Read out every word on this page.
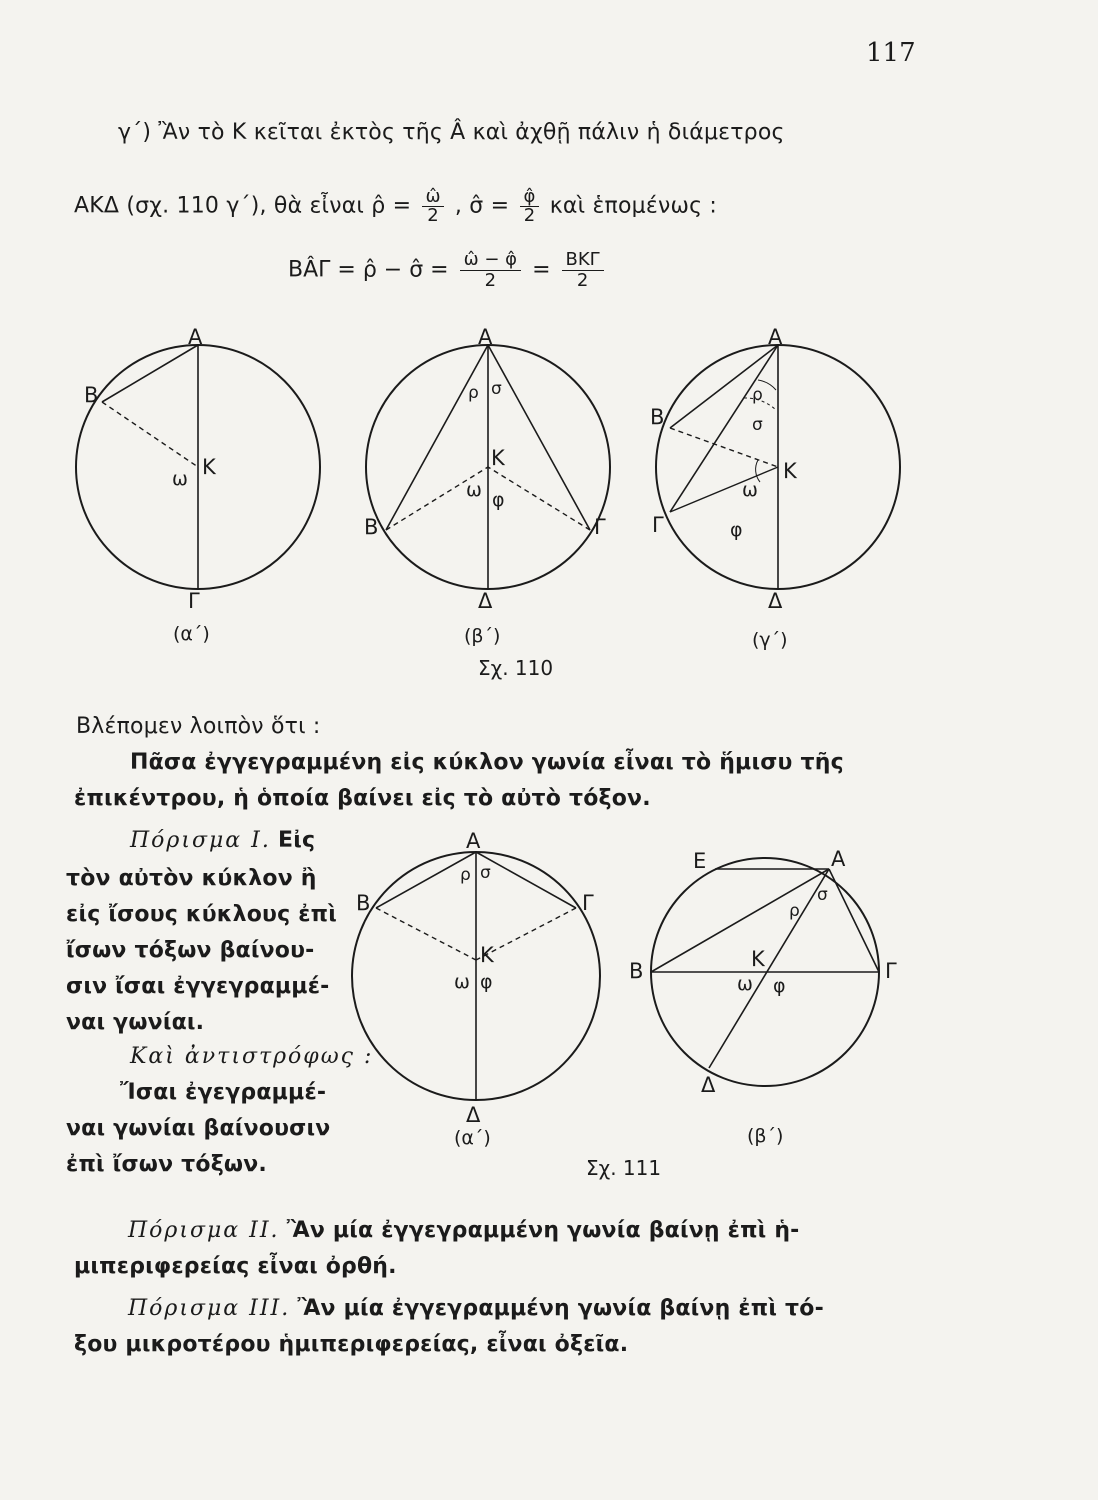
117
γ΄) Ἂν τὸ Κ κεῖται ἐκτὸς τῆς Â καὶ ἀχθῇ πάλιν ἡ διάμετρος
ΑΚΔ (σχ. 110 γ΄), θὰ εἶναι ρ̂ = $\frac{\omegâ}{2}$ , σ̂ = $\frac{\varphî}{2}$ καὶ ἑπομένως :
ΒÂΓ = ρ̂ − σ̂ = $\frac{\omegâ - \varphî}{2} = BK\Gamma$
2
Α
Β
Κ
ω
Γ
(α΄)
Α
ρ σ
Κ
ω φ
Β	Γ
Δ
(β΄)
Α
ρ
σ
Β
Κ
ω
Γ	φ
Δ
(γ΄)
Σχ. 110
Βλέπομεν λοιπὸν ὅτι :
Πᾶσα ἐγγεγραμμένη εἰς κύκλον γωνία εἶναι τὸ ἥμισυ τῆς
ἐπικέντρου, ἡ ὁποία βαίνει εἰς τὸ αὐτὸ τόξον.
Πόρισμα Ι. Εἰς
τὸν αὐτὸν κύκλον ἢ
εἰς ἴσους κύκλους ἐπὶ
ἴσων τόξων βαίνου-
σιν ἴσαι ἐγγεγραμμέ-
ναι γωνίαι.
Καὶ ἀντιστρόφως :
Ἴσαι ἐγεγραμμέ-
ναι γωνίαι βαίνουσιν
ἐπὶ ἴσων τόξων.
Α
ρ σ
Β	Γ
Κ
ω φ
Δ
(α΄)
Ε	Α
ρ
σ
Β	Κ	Γ
ω φ
Δ
(β΄)
Σχ. 111
Πόρισμα ΙΙ. Ἂν μία ἐγγεγραμμένη γωνία βαίνῃ ἐπὶ ἡ-
μιπεριφερείας εἶναι ὀρθή.
Πόρισμα ΙΙΙ. Ἂν μία ἐγγεγραμμένη γωνία βαίνῃ ἐπὶ τό-
ξου μικροτέρου ἡμιπεριφερείας, εἶναι ὀξεῖα.
